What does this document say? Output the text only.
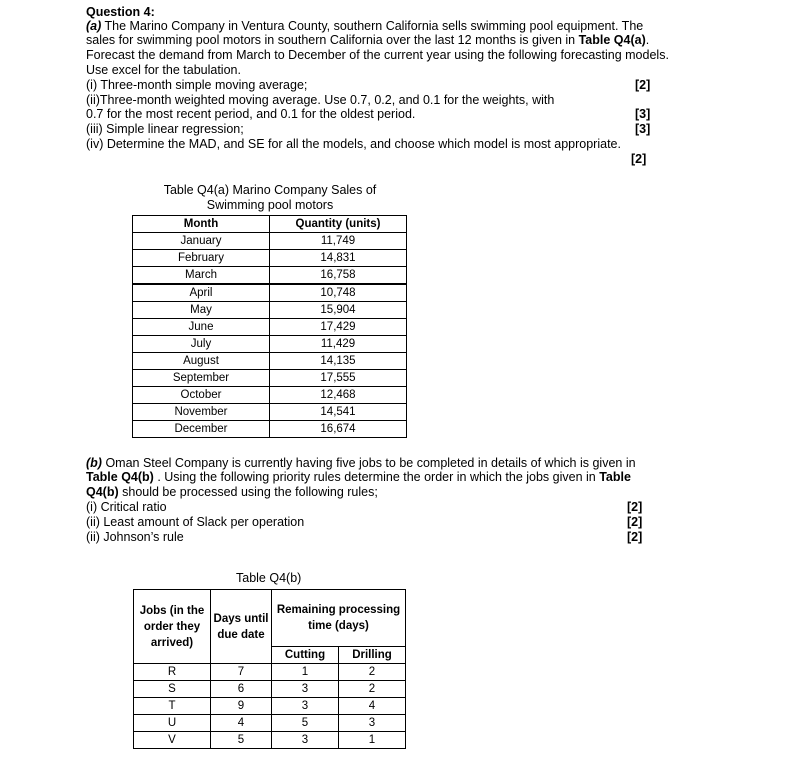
Question 4:
(a) The Marino Company in Ventura County, southern California sells swimming pool equipment. The
sales for swimming pool motors in southern California over the last 12 months is given in Table Q4(a).
Forecast the demand from March to December of the current year using the following forecasting models.
Use excel for the tabulation.
(i) Three-month simple moving average;	[2]
(ii)Three-month weighted moving average. Use 0.7, 0.2, and 0.1 for the weights, with
0.7 for the most recent period, and 0.1 for the oldest period.	[3]
(iii) Simple linear regression;	[3]
(iv) Determine the MAD, and SE for all the models, and choose which model is most appropriate.
[2]
Table Q4(a) Marino Company Sales of
Swimming pool motors
Month	Quantity (units)
January	11,749
February	14,831
March	16,758
April	10,748
May	15,904
June	17,429
July	11,429
August	14,135
September	17,555
October	12,468
November	14,541
December	16,674
(b) Oman Steel Company is currently having five jobs to be completed in details of which is given in
Table Q4(b) . Using the following priority rules determine the order in which the jobs given in Table
Q4(b) should be processed using the following rules;
(i) Critical ratio	[2]
(ii) Least amount of Slack per operation	[2]
(ii) Johnson’s rule	[2]
Table Q4(b)
Jobs (in the order they arrived)	Days until due date	Remaining processing time (days)	
		Cutting	Drilling
R	7	1	2
S	6	3	2
T	9	3	4
U	4	5	3
V	5	3	1
